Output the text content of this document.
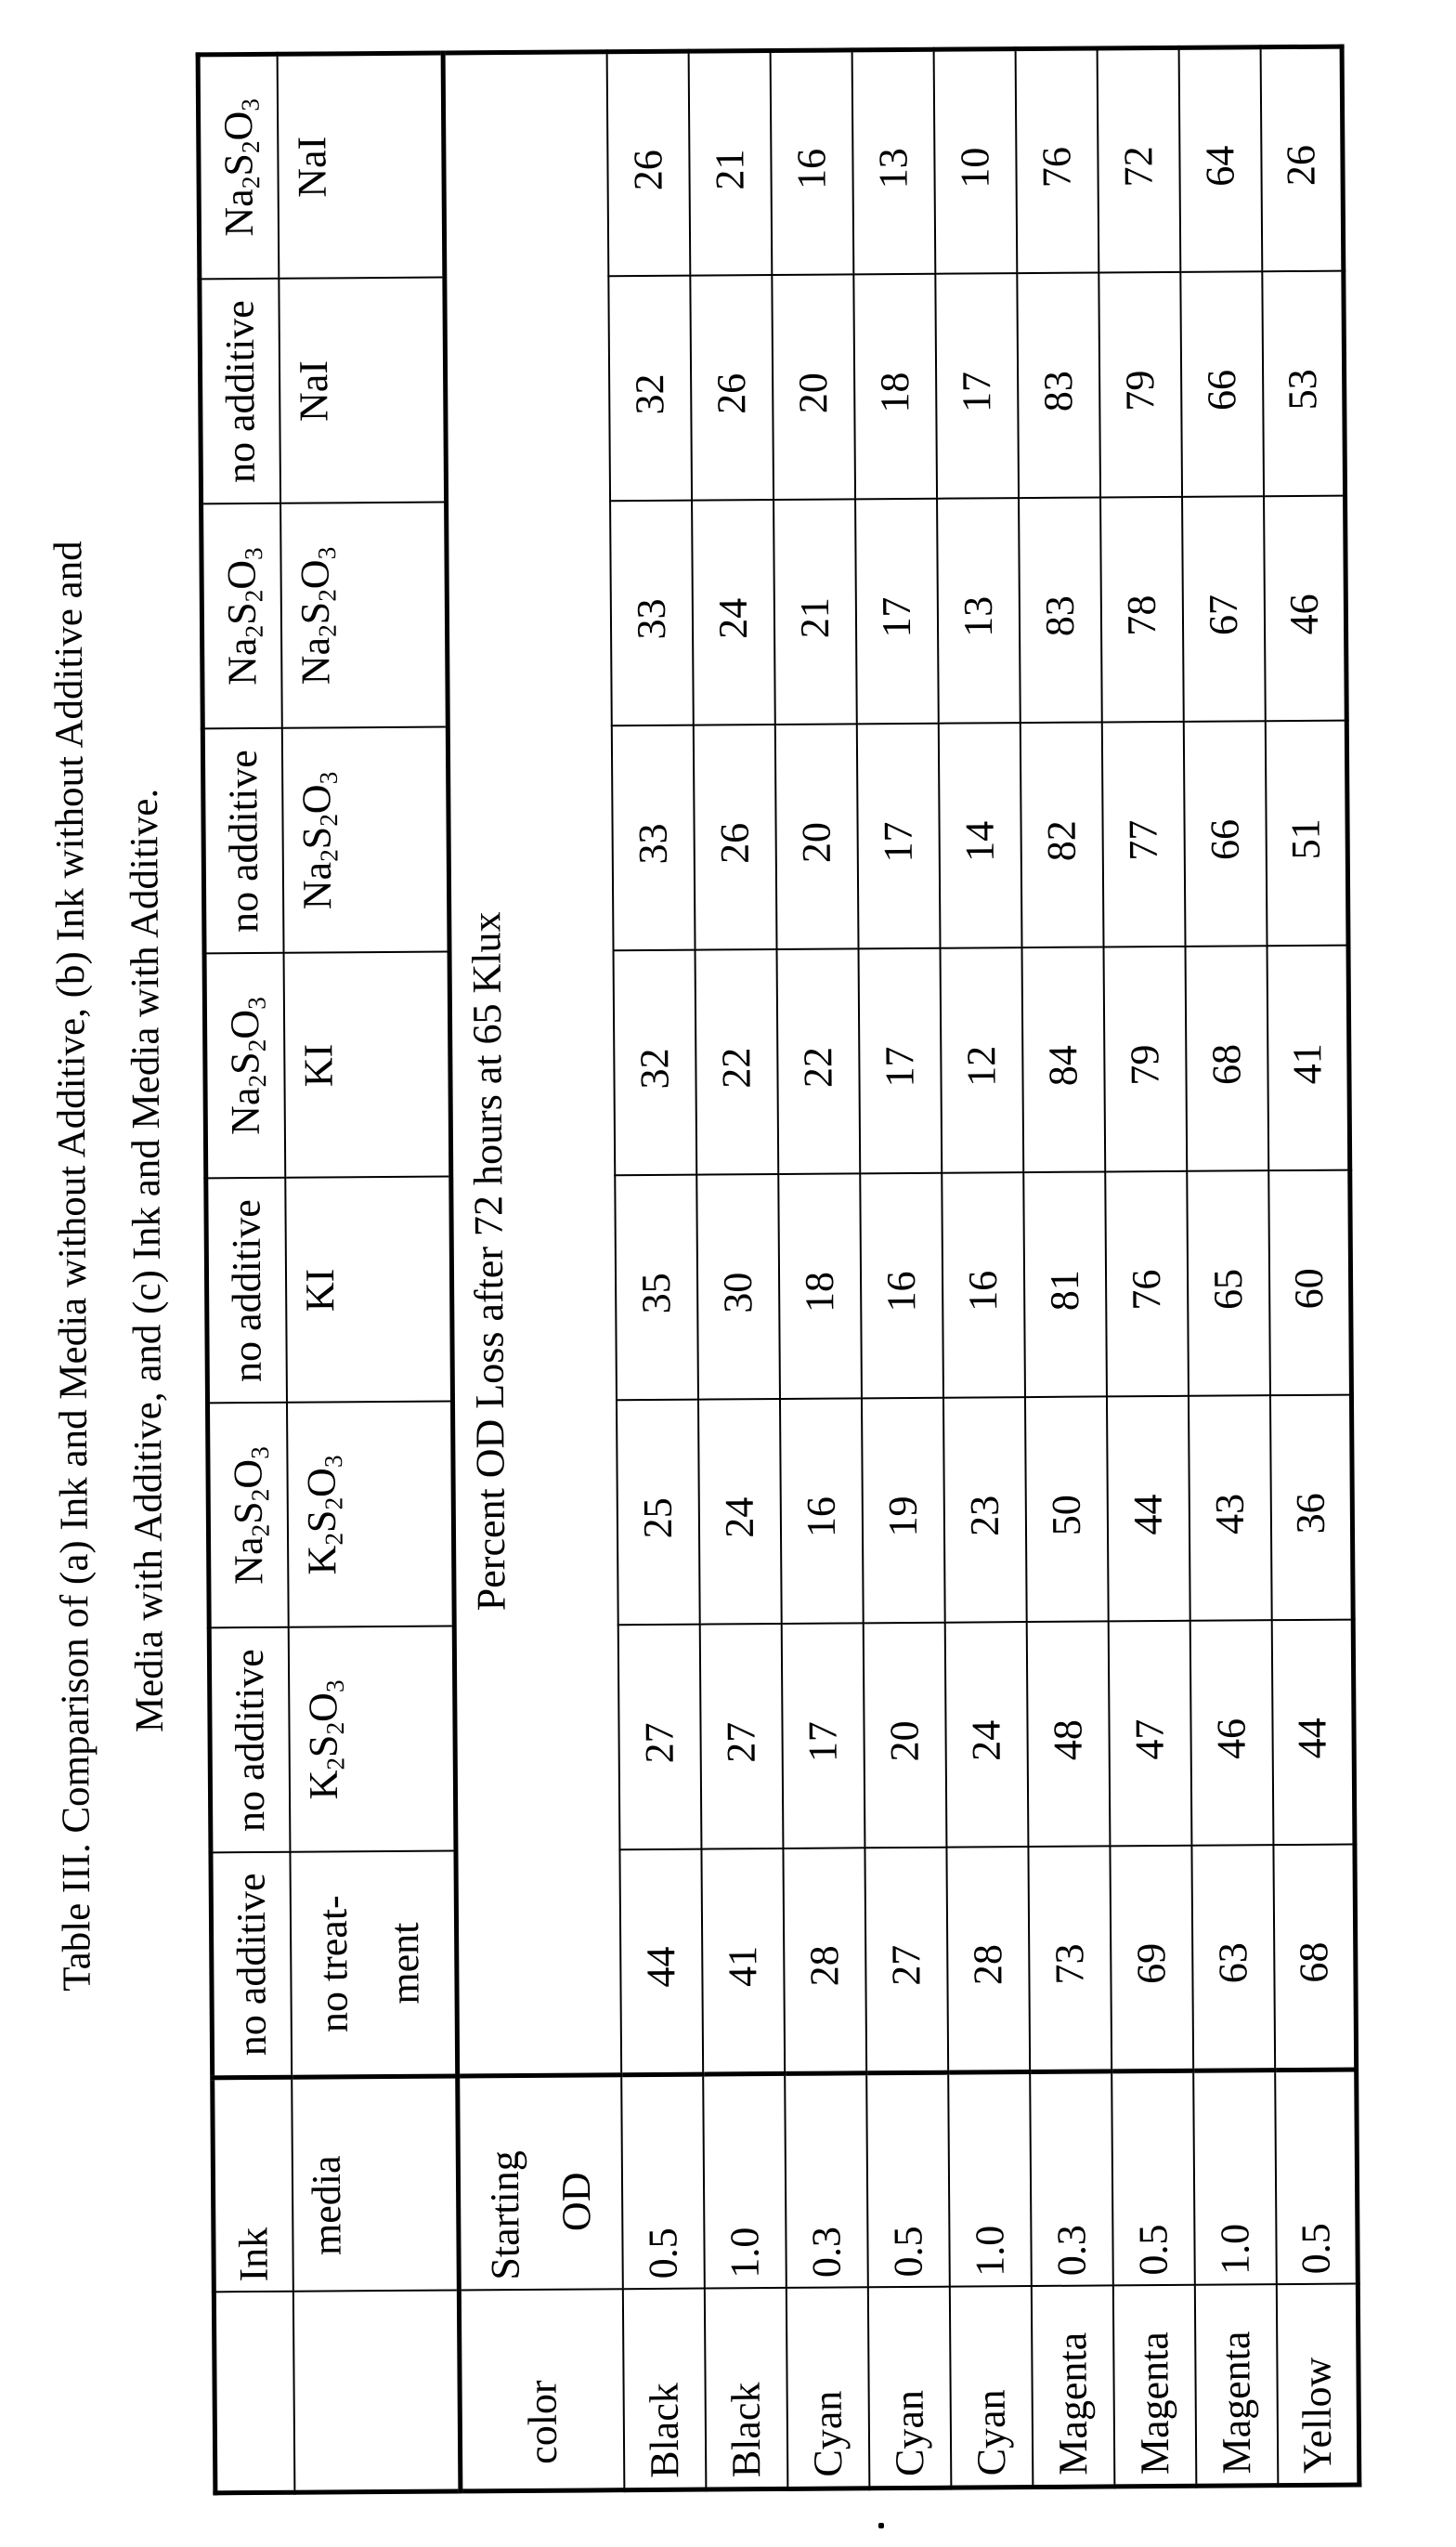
Table III. Comparison of (a) Ink and Media without Additive, (b) Ink without Additive and Media with Additive, and (c) Ink and Media with Additive.
	Ink	no additive	no additive	$Na_2S_2O_3$	no additive	$Na_2S_2O_3$	no additive	$Na_2S_2O_3$	no additive	$Na_2S_2O_3$
	media	no treat- ment	$K_2S_2O_3$	$K_2S_2O_3$	KI	KI	$Na_2S_2O_3$	$Na_2S_2O_3$	NaI	NaI
color	Starting OD	Percent OD Loss after 72 hours at 65 Klux								
Black	0.5	44	27	25	35	32	33	33	32	26
Black	1.0	41	27	24	30	22	26	24	26	21
Cyan	0.3	28	17	16	18	22	20	21	20	16
Cyan	0.5	27	20	19	16	17	17	17	18	13
Cyan	1.0	28	24	23	16	12	14	13	17	10
Magenta	0.3	73	48	50	81	84	82	83	83	76
Magenta	0.5	69	47	44	76	79	77	78	79	72
Magenta	1.0	63	46	43	65	68	66	67	66	64
Yellow	0.5	68	44	36	60	41	51	46	53	26
